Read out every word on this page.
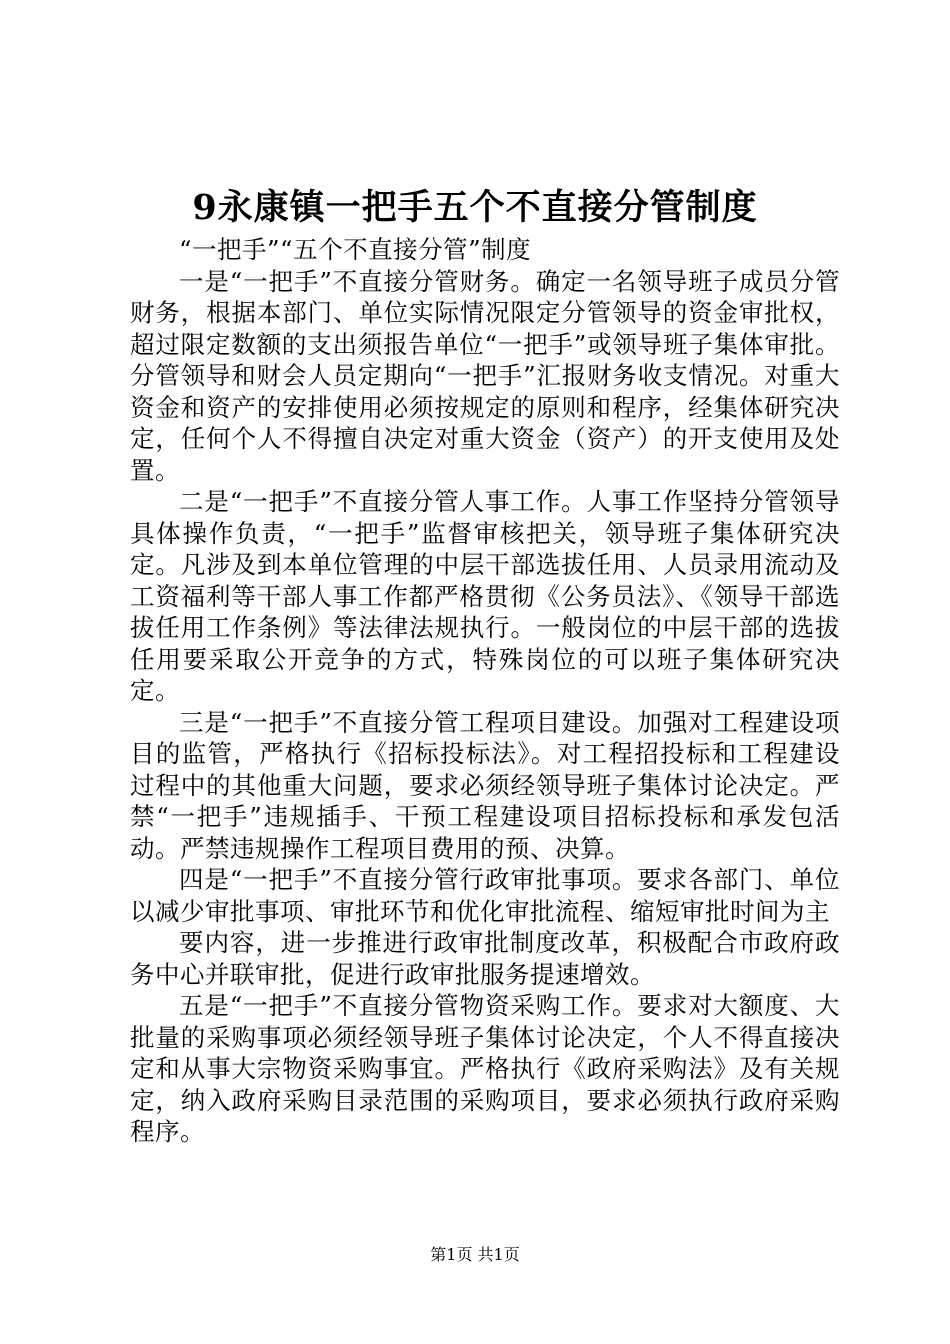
9永康镇一把手五个不直接分管制度

“一把手”“五个不直接分管”制度

一是“一把手”不直接分管财务。确定一名领导班子成员分管财务，根据本部门、单位实际情况限定分管领导的资金审批权，超过限定数额的支出须报告单位“一把手”或领导班子集体审批。分管领导和财会人员定期向“一把手”汇报财务收支情况。对重大资金和资产的安排使用必须按规定的原则和程序，经集体研究决定，任何个人不得擅自决定对重大资金（资产）的开支使用及处置。

二是“一把手”不直接分管人事工作。人事工作坚持分管领导具体操作负责，“一把手”监督审核把关，领导班子集体研究决定。凡涉及到本单位管理的中层干部选拔任用、人员录用流动及工资福利等干部人事工作都严格贯彻《公务员法》、《领导干部选拔任用工作条例》等法律法规执行。一般岗位的中层干部的选拔任用要采取公开竞争的方式，特殊岗位的可以班子集体研究决定。

三是“一把手”不直接分管工程项目建设。加强对工程建设项目的监管，严格执行《招标投标法》。对工程招投标和工程建设过程中的其他重大问题，要求必须经领导班子集体讨论决定。严禁“一把手”违规插手、干预工程建设项目招标投标和承发包活动。严禁违规操作工程项目费用的预、决算。

四是“一把手”不直接分管行政审批事项。要求各部门、单位以减少审批事项、审批环节和优化审批流程、缩短审批时间为主

要内容，进一步推进行政审批制度改革，积极配合市政府政务中心并联审批，促进行政审批服务提速增效。

五是“一把手”不直接分管物资采购工作。要求对大额度、大批量的采购事项必须经领导班子集体讨论决定，个人不得直接决定和从事大宗物资采购事宜。严格执行《政府采购法》及有关规定，纳入政府采购目录范围的采购项目，要求必须执行政府采购程序。

第1页 共1页
